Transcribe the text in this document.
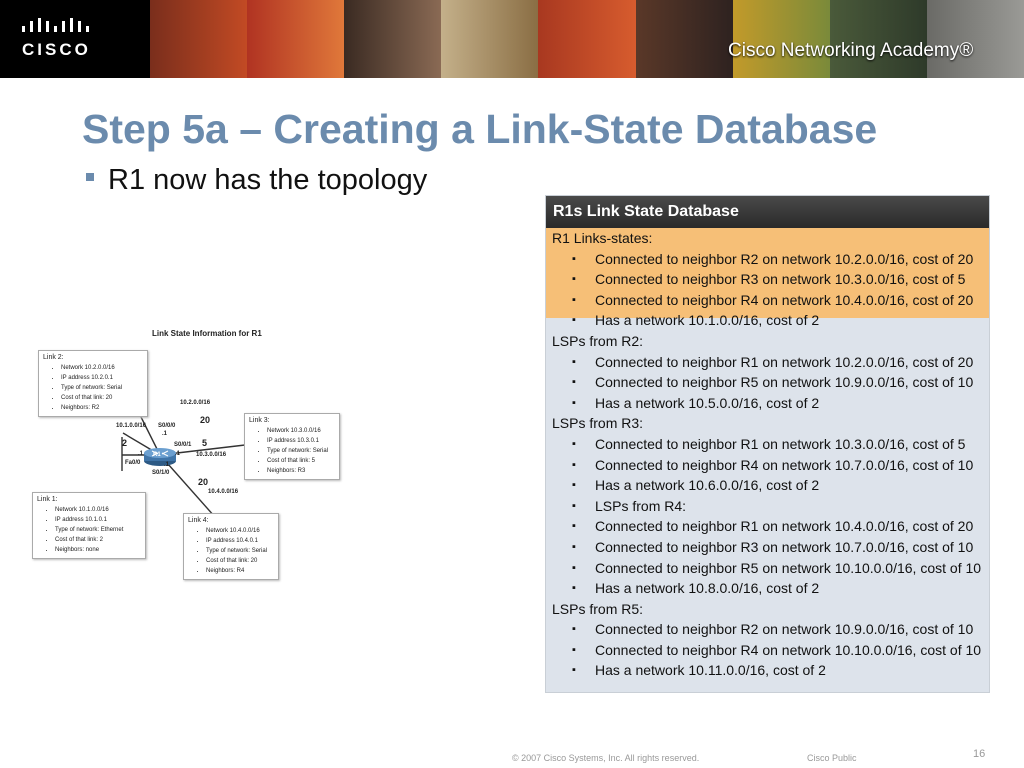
CISCO	Cisco Networking Academy®
Step 5a – Creating a Link-State Database
R1 now has the topology
Link State Information for R1
Link 2:
• Network 10.2.0.0/16
• IP address 10.2.0.1
• Type of network: Serial
• Cost of that link: 20
• Neighbors: R2
Link 3:
• Network 10.3.0.0/16
• IP address 10.3.0.1
• Type of network: Serial
• Cost of that link: 5
• Neighbors: R3
Link 1:
• Network 10.1.0.0/16
• IP address 10.1.0.1
• Type of network: Ethernet
• Cost of that link: 2
• Neighbors: none
Link 4:
• Network 10.4.0.0/16
• IP address 10.4.0.1
• Type of network: Serial
• Cost of that link: 20
• Neighbors: R4
10.2.0.0/16
10.1.0.0/16 S0/0/0
S0/0/1
10.3.0.0/16
Fa0/0
S0/1/0
10.4.0.0/16
.1
.1	.1
.1
20
2	5
20
R1
R1s Link State Database
R1 Links-states:
▪ Connected to neighbor R2 on network 10.2.0.0/16, cost of 20
▪ Connected to neighbor R3 on network 10.3.0.0/16, cost of 5
▪ Connected to neighbor R4 on network 10.4.0.0/16, cost of 20
▪ Has a network 10.1.0.0/16, cost of 2
LSPs from R2:
▪ Connected to neighbor R1 on network 10.2.0.0/16, cost of 20
▪ Connected to neighbor R5 on network 10.9.0.0/16, cost of 10
▪ Has a network 10.5.0.0/16, cost of 2
LSPs from R3:
▪ Connected to neighbor R1 on network 10.3.0.0/16, cost of 5
▪ Connected to neighbor R4 on network 10.7.0.0/16, cost of 10
▪ Has a network 10.6.0.0/16, cost of 2
▪ LSPs from R4:
▪ Connected to neighbor R1 on network 10.4.0.0/16, cost of 20
▪ Connected to neighbor R3 on network 10.7.0.0/16, cost of 10
▪ Connected to neighbor R5 on network 10.10.0.0/16, cost of 10
▪ Has a network 10.8.0.0/16, cost of 2
LSPs from R5:
▪ Connected to neighbor R2 on network 10.9.0.0/16, cost of 10
▪ Connected to neighbor R4 on network 10.10.0.0/16, cost of 10
▪ Has a network 10.11.0.0/16, cost of 2
© 2007 Cisco Systems, Inc. All rights reserved.	Cisco Public	16
